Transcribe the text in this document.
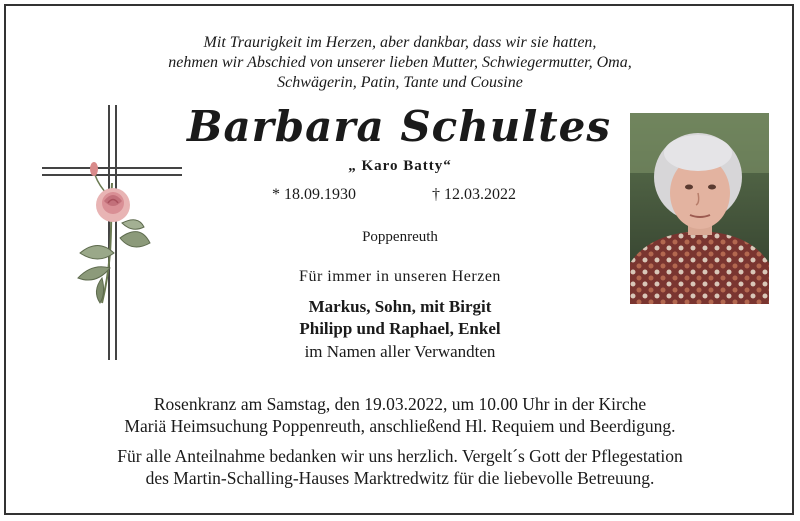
Mit Traurigkeit im Herzen, aber dankbar, dass wir sie hatten,
nehmen wir Abschied von unserer lieben Mutter, Schwiegermutter, Oma,
Schwägerin, Patin, Tante und Cousine
Barbara Schultes
„ Karo Batty“
* 18.09.1930	† 12.03.2022
Poppenreuth
Für immer in unseren Herzen
Markus, Sohn, mit Birgit
Philipp und Raphael, Enkel
im Namen aller Verwandten
Rosenkranz am Samstag, den 19.03.2022, um 10.00 Uhr in der Kirche
Mariä Heimsuchung Poppenreuth, anschließend Hl. Requiem und Beerdigung.
Für alle Anteilnahme bedanken wir uns herzlich. Vergelt´s Gott der Pflegestation
des Martin-Schalling-Hauses Marktredwitz für die liebevolle Betreuung.
